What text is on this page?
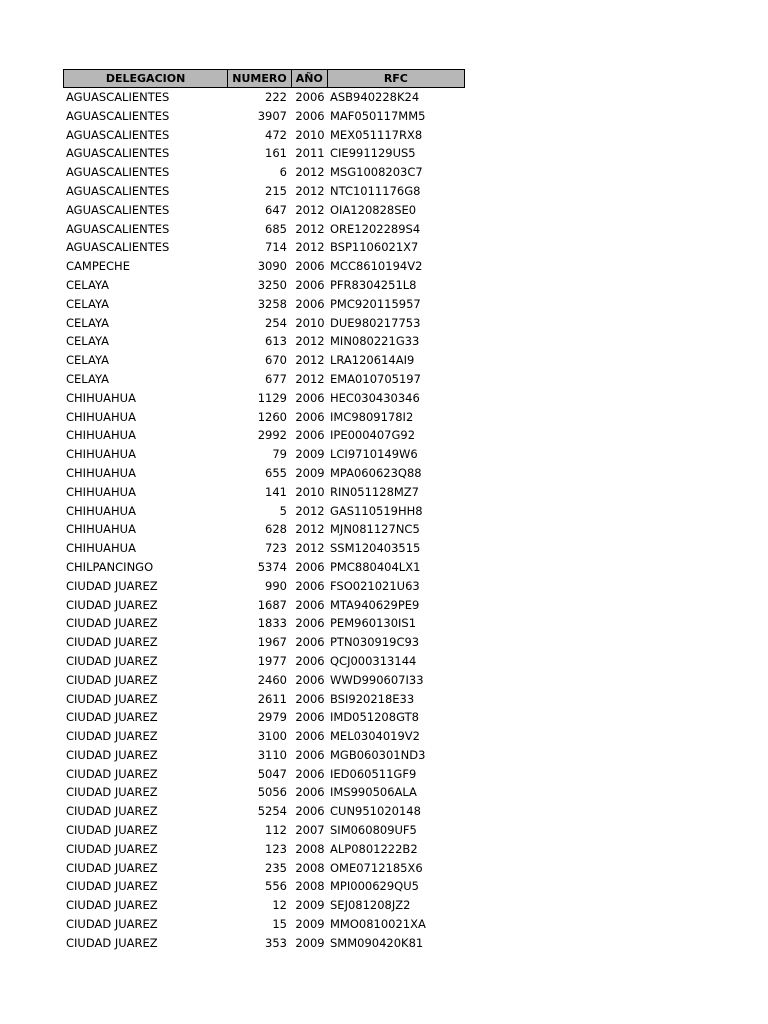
DELEGACION	NUMERO AÑO	RFC
AGUASCALIENTES	222 2006 ASB940228K24
AGUASCALIENTES	3907 2006 MAF050117MM5
AGUASCALIENTES	472 2010 MEX051117RX8
AGUASCALIENTES	161 2011 CIE991129US5
AGUASCALIENTES	6 2012 MSG1008203C7
AGUASCALIENTES	215 2012 NTC1011176G8
AGUASCALIENTES	647 2012 OIA120828SE0
AGUASCALIENTES	685 2012 ORE1202289S4
AGUASCALIENTES	714 2012 BSP1106021X7
CAMPECHE	3090 2006 MCC8610194V2
CELAYA	3250 2006 PFR8304251L8
CELAYA	3258 2006 PMC920115957
CELAYA	254 2010 DUE980217753
CELAYA	613 2012 MIN080221G33
CELAYA	670 2012 LRA120614AI9
CELAYA	677 2012 EMA010705197
CHIHUAHUA	1129 2006 HEC030430346
CHIHUAHUA	1260 2006 IMC9809178I2
CHIHUAHUA	2992 2006 IPE000407G92
CHIHUAHUA	79 2009 LCI9710149W6
CHIHUAHUA	655 2009 MPA060623Q88
CHIHUAHUA	141 2010 RIN051128MZ7
CHIHUAHUA	5 2012 GAS110519HH8
CHIHUAHUA	628 2012 MJN081127NC5
CHIHUAHUA	723 2012 SSM120403515
CHILPANCINGO	5374 2006 PMC880404LX1
CIUDAD JUAREZ	990 2006 FSO021021U63
CIUDAD JUAREZ	1687 2006 MTA940629PE9
CIUDAD JUAREZ	1833 2006 PEM960130IS1
CIUDAD JUAREZ	1967 2006 PTN030919C93
CIUDAD JUAREZ	1977 2006 QCJ000313144
CIUDAD JUAREZ	2460 2006 WWD990607I33
CIUDAD JUAREZ	2611 2006 BSI920218E33
CIUDAD JUAREZ	2979 2006 IMD051208GT8
CIUDAD JUAREZ	3100 2006 MEL0304019V2
CIUDAD JUAREZ	3110 2006 MGB060301ND3
CIUDAD JUAREZ	5047 2006 IED060511GF9
CIUDAD JUAREZ	5056 2006 IMS990506ALA
CIUDAD JUAREZ	5254 2006 CUN951020148
CIUDAD JUAREZ	112 2007 SIM060809UF5
CIUDAD JUAREZ	123 2008 ALP0801222B2
CIUDAD JUAREZ	235 2008 OME0712185X6
CIUDAD JUAREZ	556 2008 MPI000629QU5
CIUDAD JUAREZ	12 2009 SEJ081208JZ2
CIUDAD JUAREZ	15 2009 MMO0810021XA
CIUDAD JUAREZ	353 2009 SMM090420K81
